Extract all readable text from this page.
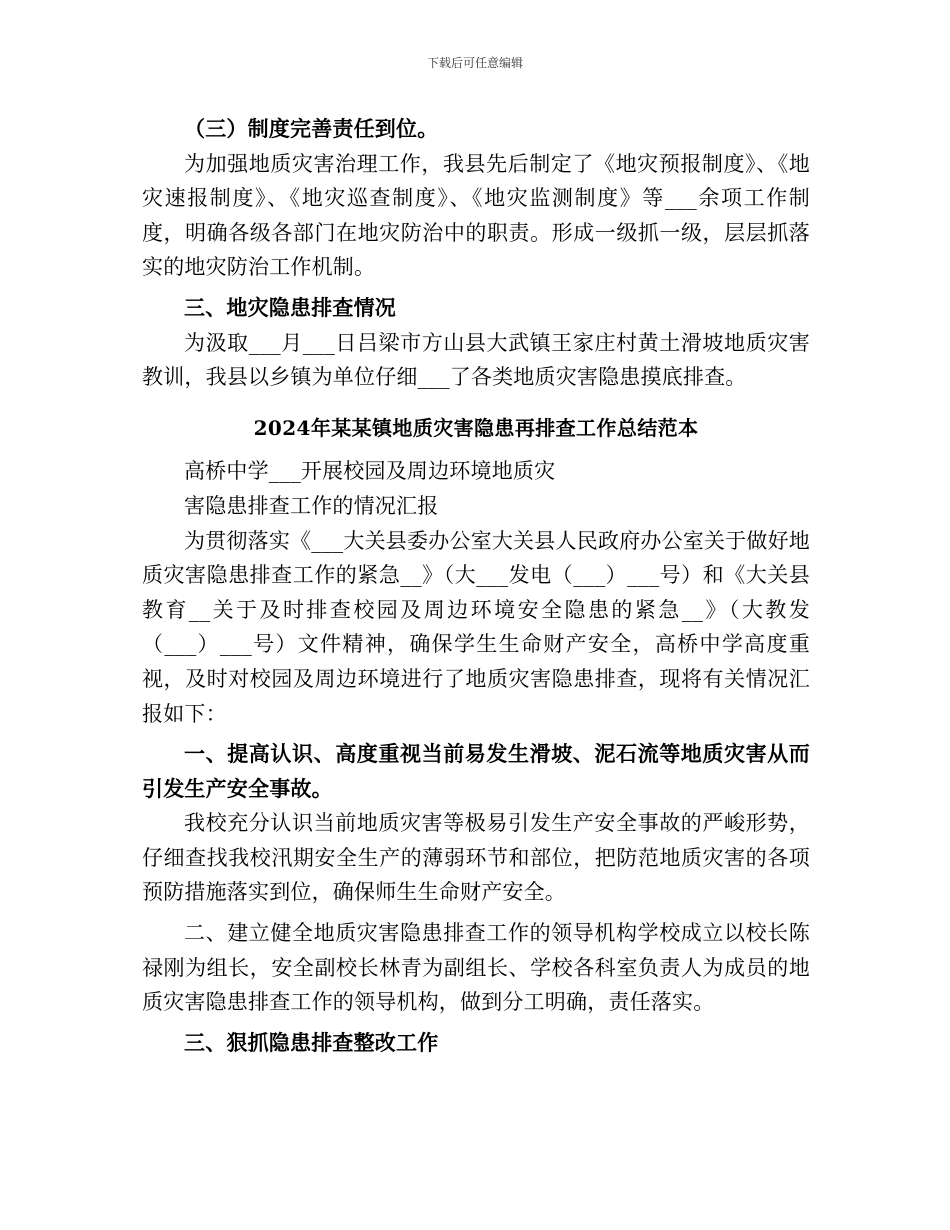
下载后可任意编辑

（三）制度完善责任到位。

为加强地质灾害治理工作，我县先后制定了《地灾预报制度》、《地灾速报制度》、《地灾巡查制度》、《地灾监测制度》等___余项工作制度，明确各级各部门在地灾防治中的职责。形成一级抓一级，层层抓落实的地灾防治工作机制。

三、地灾隐患排查情况

为汲取___月___日吕梁市方山县大武镇王家庄村黄土滑坡地质灾害教训，我县以乡镇为单位仔细___了各类地质灾害隐患摸底排查。

2024年某某镇地质灾害隐患再排查工作总结范本

高桥中学___开展校园及周边环境地质灾

害隐患排查工作的情况汇报

为贯彻落实《___大关县委办公室大关县人民政府办公室关于做好地质灾害隐患排查工作的紧急__》（大___发电（___）___号）和《大关县教育__关于及时排查校园及周边环境安全隐患的紧急__》（大教发（___）___号）文件精神，确保学生生命财产安全，高桥中学高度重视，及时对校园及周边环境进行了地质灾害隐患排查，现将有关情况汇报如下：

一、提高认识、高度重视当前易发生滑坡、泥石流等地质灾害从而引发生产安全事故。

我校充分认识当前地质灾害等极易引发生产安全事故的严峻形势，仔细查找我校汛期安全生产的薄弱环节和部位，把防范地质灾害的各项预防措施落实到位，确保师生生命财产安全。

二、建立健全地质灾害隐患排查工作的领导机构学校成立以校长陈禄刚为组长，安全副校长林青为副组长、学校各科室负责人为成员的地质灾害隐患排查工作的领导机构，做到分工明确，责任落实。

三、狠抓隐患排查整改工作
